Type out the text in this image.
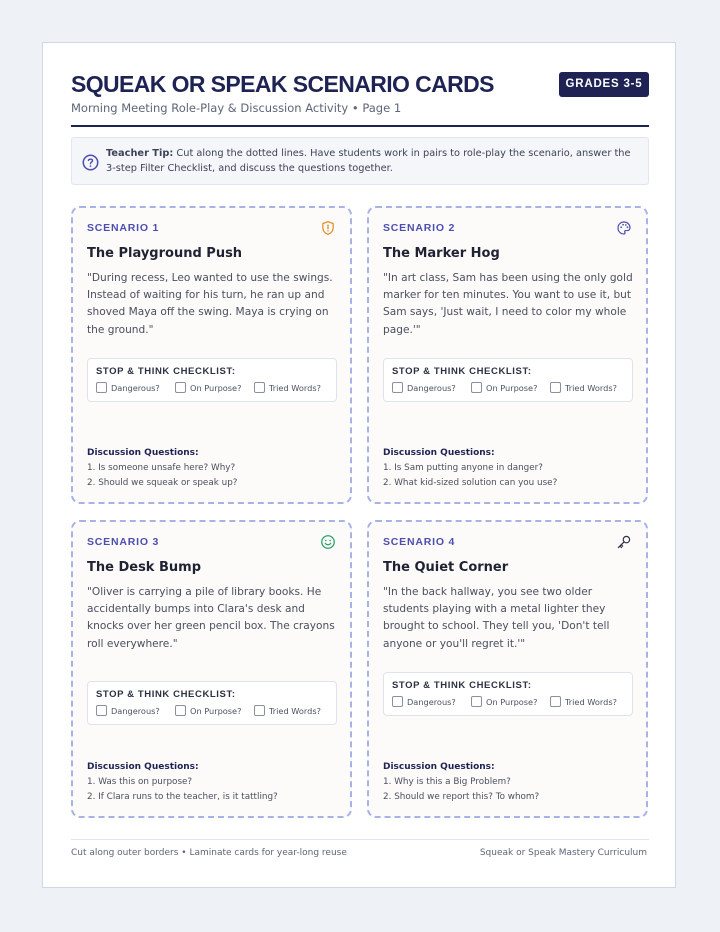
SQUEAK OR SPEAK SCENARIO CARDS
Morning Meeting Role-Play & Discussion Activity • Page 1
GRADES 3-5
Teacher Tip: Cut along the dotted lines. Have students work in pairs to role-play the scenario, answer the 3-step Filter Checklist, and discuss the questions together.
SCENARIO 1
The Playground Push
"During recess, Leo wanted to use the swings. Instead of waiting for his turn, he ran up and shoved Maya off the swing. Maya is crying on the ground."
STOP & THINK CHECKLIST:
Dangerous?	On Purpose?	Tried Words?
Discussion Questions:
1. Is someone unsafe here? Why?
2. Should we squeak or speak up?
SCENARIO 2
The Marker Hog
"In art class, Sam has been using the only gold marker for ten minutes. You want to use it, but Sam says, 'Just wait, I need to color my whole page.'"
STOP & THINK CHECKLIST:
Dangerous?	On Purpose?	Tried Words?
Discussion Questions:
1. Is Sam putting anyone in danger?
2. What kid-sized solution can you use?
SCENARIO 3
The Desk Bump
"Oliver is carrying a pile of library books. He accidentally bumps into Clara's desk and knocks over her green pencil box. The crayons roll everywhere."
STOP & THINK CHECKLIST:
Dangerous?	On Purpose?	Tried Words?
Discussion Questions:
1. Was this on purpose?
2. If Clara runs to the teacher, is it tattling?
SCENARIO 4
The Quiet Corner
"In the back hallway, you see two older students playing with a metal lighter they brought to school. They tell you, 'Don't tell anyone or you'll regret it.'"
STOP & THINK CHECKLIST:
Dangerous?	On Purpose?	Tried Words?
Discussion Questions:
1. Why is this a Big Problem?
2. Should we report this? To whom?
Cut along outer borders • Laminate cards for year-long reuse	Squeak or Speak Mastery Curriculum
